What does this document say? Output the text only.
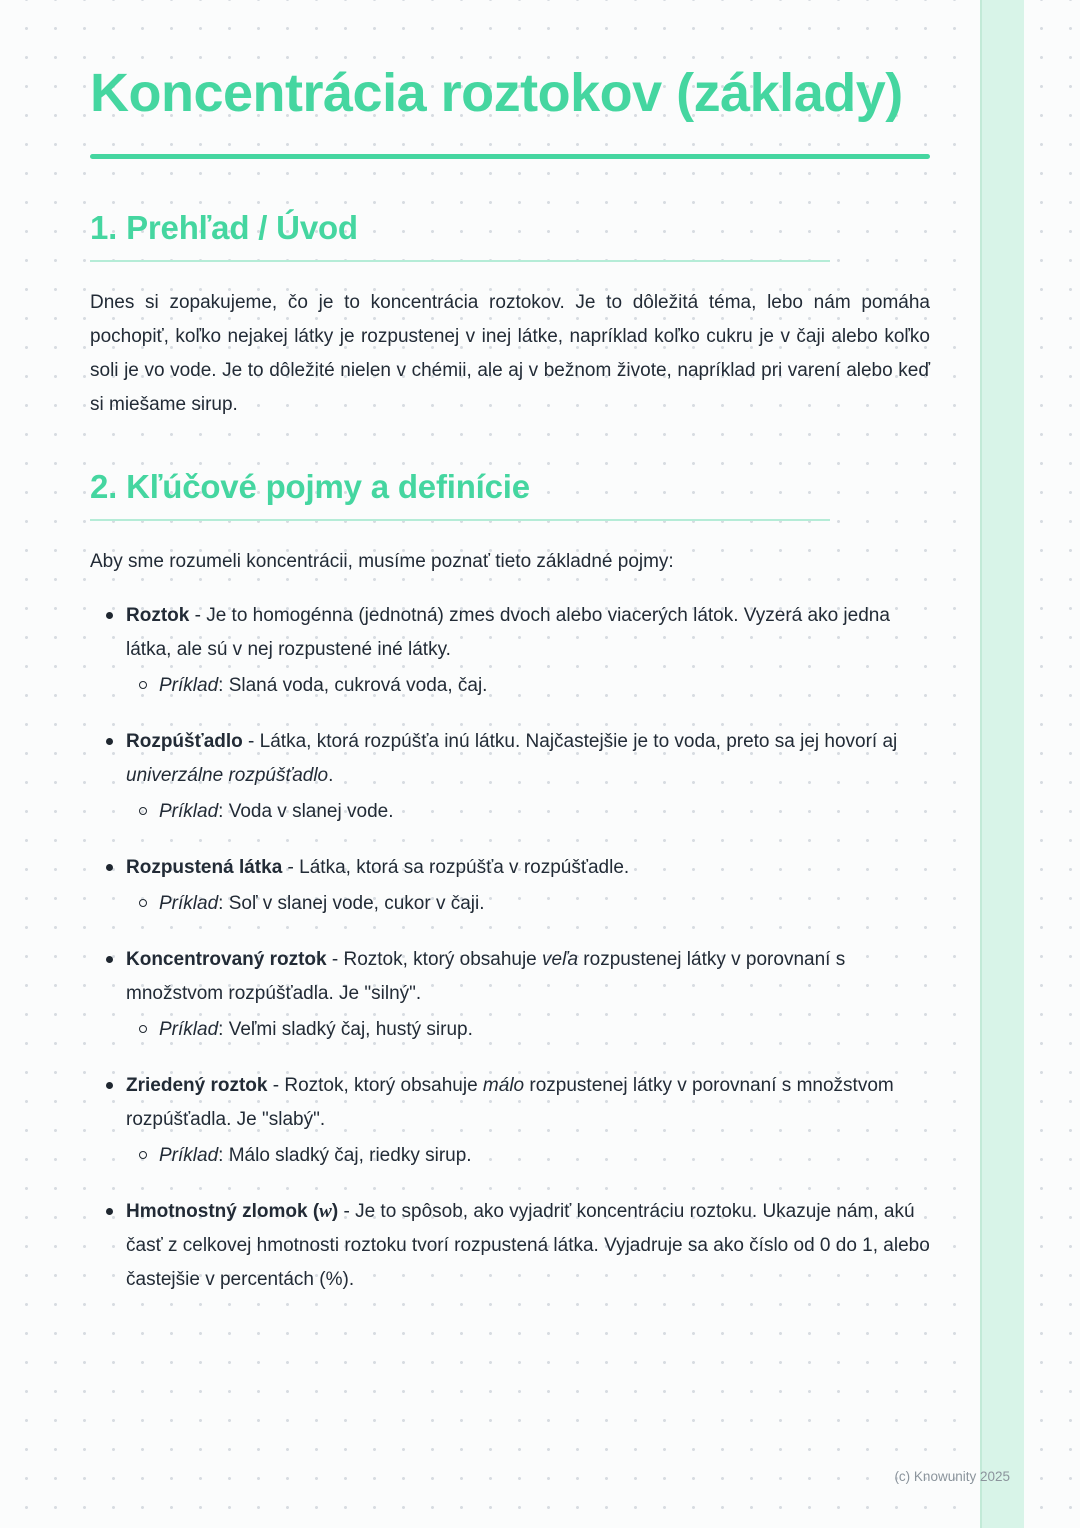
Koncentrácia roztokov (základy)
1. Prehľad / Úvod

Dnes si zopakujeme, čo je to koncentrácia roztokov. Je to dôležitá téma, lebo nám pomáha pochopiť, koľko nejakej látky je rozpustenej v inej látke, napríklad koľko cukru je v čaji alebo koľko soli je vo vode. Je to dôležité nielen v chémii, ale aj v bežnom živote, napríklad pri varení alebo keď si miešame sirup.

2. Kľúčové pojmy a definície

Aby sme rozumeli koncentrácii, musíme poznať tieto základné pojmy:

Roztok - Je to homogénna (jednotná) zmes dvoch alebo viacerých látok. Vyzerá ako jedna látka, ale sú v nej rozpustené iné látky.

Príklad: Slaná voda, cukrová voda, čaj.

Rozpúšťadlo - Látka, ktorá rozpúšťa inú látku. Najčastejšie je to voda, preto sa jej hovorí aj univerzálne rozpúšťadlo.

Príklad: Voda v slanej vode.

Rozpustená látka - Látka, ktorá sa rozpúšťa v rozpúšťadle.

Príklad: Soľ v slanej vode, cukor v čaji.

Koncentrovaný roztok - Roztok, ktorý obsahuje veľa rozpustenej látky v porovnaní s množstvom rozpúšťadla. Je "silný".

Príklad: Veľmi sladký čaj, hustý sirup.

Zriedený roztok - Roztok, ktorý obsahuje málo rozpustenej látky v porovnaní s množstvom rozpúšťadla. Je "slabý".

Príklad: Málo sladký čaj, riedky sirup.

Hmotnostný zlomok (w) - Je to spôsob, ako vyjadriť koncentráciu roztoku. Ukazuje nám, akú časť z celkovej hmotnosti roztoku tvorí rozpustená látka. Vyjadruje sa ako číslo od 0 do 1, alebo častejšie v percentách (%).

(c) Knowunity 2025
